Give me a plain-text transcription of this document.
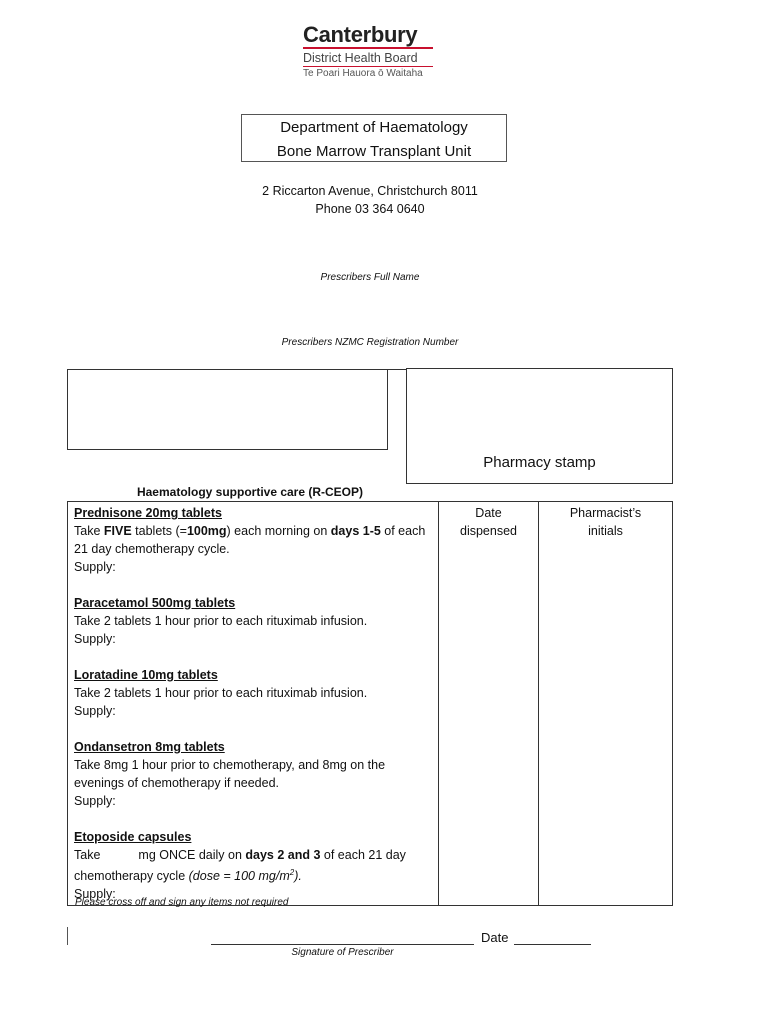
Canterbury
District Health Board
Te Poari Hauora ō Waitaha
Department of Haematology
Bone Marrow Transplant Unit
2 Riccarton Avenue, Christchurch 8011
Phone 03 364 0640
Prescribers Full Name
Prescribers NZMC Registration Number
Pharmacy stamp
Haematology supportive care (R-CEOP)
Prednisone 20mg tablets
Take FIVE tablets (=100mg) each morning on days 1-5 of each 21 day chemotherapy cycle.
Supply:
Paracetamol 500mg tablets
Take 2 tablets 1 hour prior to each rituximab infusion.
Supply:
Loratadine 10mg tablets
Take 2 tablets 1 hour prior to each rituximab infusion.
Supply:
Ondansetron 8mg tablets
Take 8mg 1 hour prior to chemotherapy, and 8mg on the evenings of chemotherapy if needed.
Supply:
Etoposide capsules
Take	mg ONCE daily on days 2 and 3 of each 21 day chemotherapy cycle (dose = 100 $mg/m^2$).
Supply:

Date
dispensed

Pharmacist’s
initials
Please cross off and sign any items not required
Date
Signature of Prescriber
